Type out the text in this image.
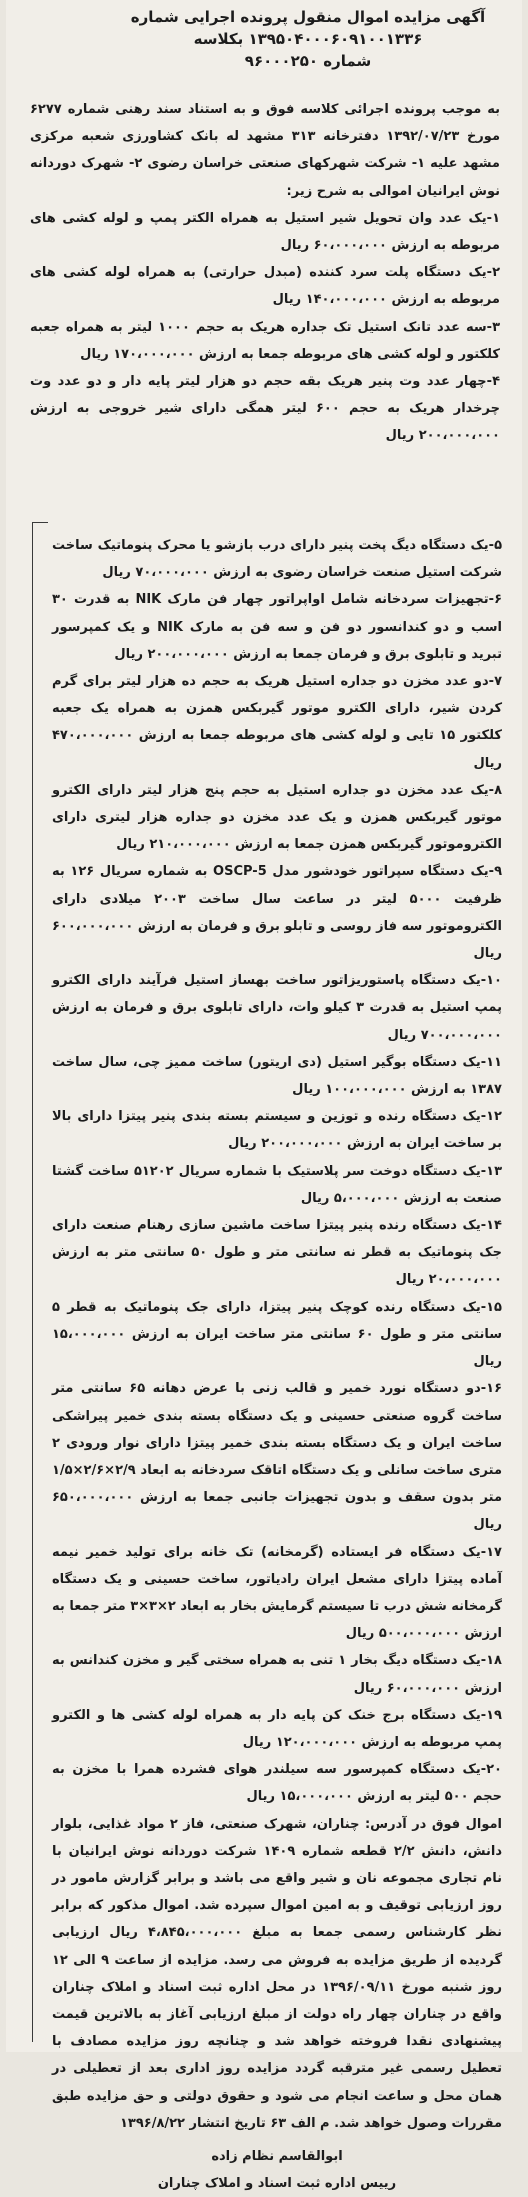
آگهی مزایده اموال منقول پرونده اجرایی شماره
۱۳۹۵۰۴۰۰۰۶۰۹۱۰۰۱۳۳۶ بکلاسه
شماره ۹۶۰۰۰۲۵۰

به موجب پرونده اجرائی کلاسه فوق و به استناد سند رهنی شماره ۶۲۷۷ مورخ ۱۳۹۲/۰۷/۲۳ دفترخانه ۳۱۳ مشهد له بانک کشاورزی شعبه مرکزی مشهد علیه ۱- شرکت شهرکهای صنعتی خراسان رضوی ۲- شهرک دوردانه نوش ایرانیان اموالی به شرح زیر:

۱-یک عدد وان تحویل شیر استیل به همراه الکتر پمپ و لوله کشی های مربوطه به ارزش ۶۰،۰۰۰،۰۰۰ ریال

۲-یک دستگاه پلت سرد کننده (مبدل حرارتی) به همراه لوله کشی های مربوطه به ارزش ۱۴۰،۰۰۰،۰۰۰ ریال

۳-سه عدد تانک استیل تک جداره هریک به حجم ۱۰۰۰ لیتر به همراه جعبه کلکتور و لوله کشی های مربوطه جمعا به ارزش ۱۷۰،۰۰۰،۰۰۰ ریال

۴-چهار عدد وت پنیر هریک بقه حجم دو هزار لیتر پایه دار و دو عدد وت چرخدار هریک به حجم ۶۰۰ لیتر همگی دارای شیر خروجی به ارزش ۲۰۰،۰۰۰،۰۰۰ ریال

۵-یک دستگاه دیگ پخت پنیر دارای درب بازشو یا محرک پنوماتیک ساخت شرکت استیل صنعت خراسان رضوی به ارزش ۷۰،۰۰۰،۰۰۰ ریال

۶-تجهیزات سردخانه شامل اواپراتور چهار فن مارک NIK به قدرت ۳۰ اسب و دو کندانسور دو فن و سه فن به مارک NIK و یک کمپرسور تبرید و تابلوی برق و فرمان جمعا به ارزش ۲۰۰،۰۰۰،۰۰۰ ریال

۷-دو عدد مخزن دو جداره استیل هریک به حجم ده هزار لیتر برای گرم کردن شیر، دارای الکترو موتور گیربکس همزن به همراه یک جعبه کلکتور ۱۵ تایی و لوله کشی های مربوطه جمعا به ارزش ۴۷۰،۰۰۰،۰۰۰ ریال

۸-یک عدد مخزن دو جداره استیل به حجم پنج هزار لیتر دارای الکترو موتور گیربکس همزن و یک عدد مخزن دو جداره هزار لیتری دارای الکتروموتور گیربکس همزن جمعا به ارزش ۲۱۰،۰۰۰،۰۰۰ ریال

۹-یک دستگاه سپراتور خودشور مدل OSCP-5 به شماره سریال ۱۲۶ به ظرفیت ۵۰۰۰ لیتر در ساعت سال ساخت ۲۰۰۳ میلادی دارای الکتروموتور سه فاز روسی و تابلو برق و فرمان به ارزش ۶۰۰،۰۰۰،۰۰۰ ریال

۱۰-یک دستگاه پاستوریزاتور ساخت بهساز استیل فرآیند دارای الکترو پمپ استیل به قدرت ۳ کیلو وات، دارای تابلوی برق و فرمان به ارزش ۷۰۰،۰۰۰،۰۰۰ ریال

۱۱-یک دستگاه بوگیر استیل (دی اریتور) ساخت ممیز چی، سال ساخت ۱۳۸۷ به ارزش ۱۰۰،۰۰۰،۰۰۰ ریال

۱۲-یک دستگاه رنده و توزین و سیستم بسته بندی پنیر پیتزا دارای بالا بر ساخت ایران به ارزش ۲۰۰،۰۰۰،۰۰۰ ریال

۱۳-یک دستگاه دوخت سر پلاستیک با شماره سریال ۵۱۲۰۲ ساخت گشتا صنعت به ارزش ۵،۰۰۰،۰۰۰ ریال

۱۴-یک دستگاه رنده پنیر پیتزا ساخت ماشین سازی رهنام صنعت دارای جک پنوماتیک به قطر نه سانتی متر و طول ۵۰ سانتی متر به ارزش ۲۰،۰۰۰،۰۰۰ ریال

۱۵-یک دستگاه رنده کوچک پنیر پیتزا، دارای جک پنوماتیک به قطر ۵ سانتی متر و طول ۶۰ سانتی متر ساخت ایران به ارزش ۱۵،۰۰۰،۰۰۰ ریال

۱۶-دو دستگاه نورد خمیر و قالب زنی با عرض دهانه ۶۵ سانتی متر ساخت گروه صنعتی حسینی و یک دستگاه بسته بندی خمیر پیراشکی ساخت ایران و یک دستگاه بسته بندی خمیر پیتزا دارای نوار ورودی ۲ متری ساخت سانلی و یک دستگاه اتاقک سردخانه به ابعاد ۲/۹×۲/۶×۱/۵ متر بدون سقف و بدون تجهیزات جانبی جمعا به ارزش ۶۵۰،۰۰۰،۰۰۰ ریال

۱۷-یک دستگاه فر ایستاده (گرمخانه) تک خانه برای تولید خمیر نیمه آماده پیتزا دارای مشعل ایران رادیاتور، ساخت حسینی و یک دستگاه گرمخانه شش درب تا سیستم گرمایش بخار به ابعاد ۲×۳×۳ متر جمعا به ارزش ۵۰۰،۰۰۰،۰۰۰ ریال

۱۸-یک دستگاه دیگ بخار ۱ تنی به همراه سختی گیر و مخزن کندانس به ارزش ۶۰،۰۰۰،۰۰۰ ریال

۱۹-یک دستگاه برج خنک کن پایه دار به همراه لوله کشی ها و الکترو پمپ مربوطه به ارزش ۱۲۰،۰۰۰،۰۰۰ ریال

۲۰-یک دستگاه کمپرسور سه سیلندر هوای فشرده همرا با مخزن به حجم ۵۰۰ لیتر به ارزش ۱۵،۰۰۰،۰۰۰ ریال

اموال فوق در آدرس: چناران، شهرک صنعتی، فاز ۲ مواد غذایی، بلوار دانش، دانش ۲/۲ قطعه شماره ۱۴۰۹ شرکت دوردانه نوش ایرانیان با نام تجاری مجموعه نان و شیر واقع می باشد و برابر گزارش مامور در روز ارزیابی توقیف و به امین اموال سپرده شد. اموال مذکور که برابر نظر کارشناس رسمی جمعا به مبلغ ۴،۸۴۵،۰۰۰،۰۰۰ ریال ارزیابی گردیده از طریق مزایده به فروش می رسد. مزایده از ساعت ۹ الی ۱۲ روز شنبه مورخ ۱۳۹۶/۰۹/۱۱ در محل اداره ثبت اسناد و املاک چناران واقع در چناران چهار راه دولت از مبلغ ارزیابی آغاز به بالاترین قیمت پیشنهادی نقدا فروخته خواهد شد و چنانچه روز مزایده مصادف با تعطیل رسمی غیر مترقبه گردد مزایده روز اداری بعد از تعطیلی در همان محل و ساعت انجام می شود و حقوق دولتی و حق مزایده طبق مقررات وصول خواهد شد. م الف ۶۳ تاریخ انتشار ۱۳۹۶/۸/۲۲

ابوالقاسم نظام زاده
رییس اداره ثبت اسناد و املاک چناران
